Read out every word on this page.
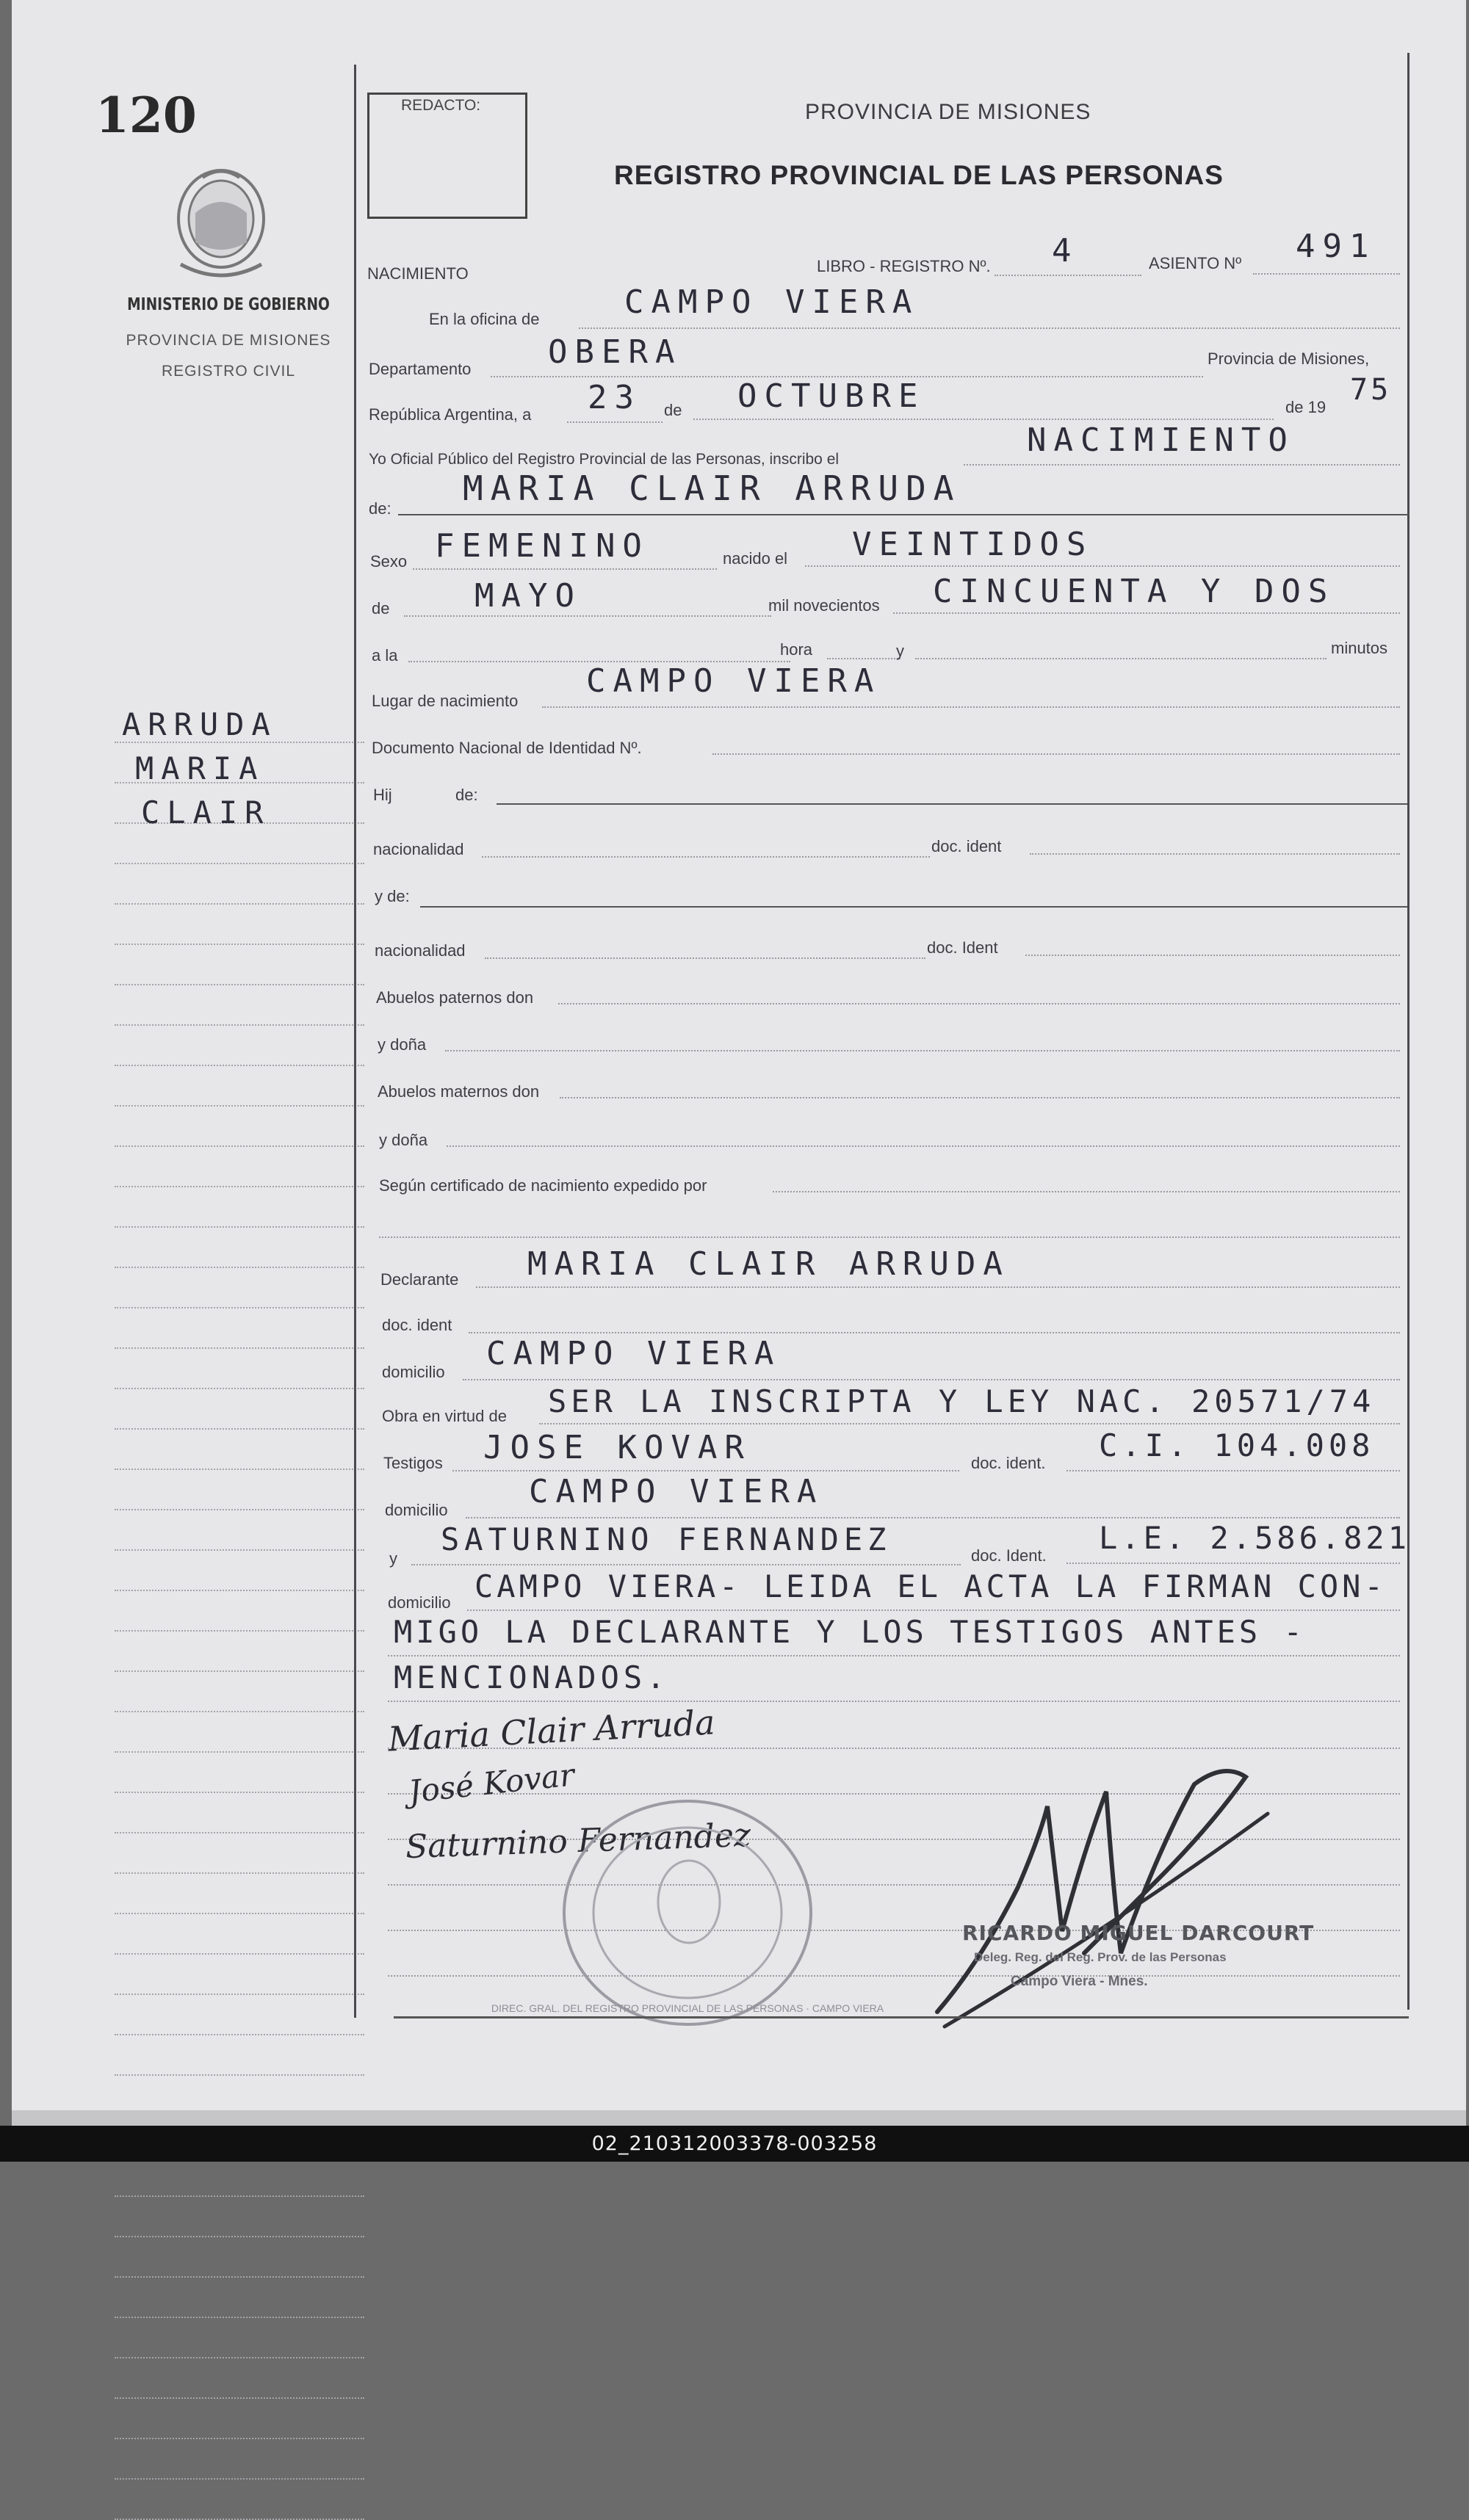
120
MINISTERIO DE GOBIERNO
PROVINCIA DE MISIONES
REGISTRO CIVIL
ARRUDA
MARIA
CLAIR
REDACTO:	PROVINCIA DE MISIONES
REGISTRO PROVINCIAL DE LAS PERSONAS
NACIMIENTO	LIBRO - REGISTRO Nº. 4	ASIENTO Nº 491
En la oficina de	CAMPO VIERA
Departamento OBERA	Provincia de Misiones,
República Argentina, a 23 de OCTUBRE	de 19
75
Yo Oficial Público del Registro Provincial de las Personas, inscribo el
NACIMIENTO
de:
MARIA CLAIR ARRUDA
Sexo FEMENINO	nacido el VEINTIDOS
de	MAYO	mil novecientos CINCUENTA Y DOS
a la	hora	y	minutos
Lugar de nacimiento
CAMPO VIERA
Documento Nacional de Identidad Nº.
Hij	de:
nacionalidad	doc. ident
y de:
nacionalidad	doc. Ident
Abuelos paternos don
y doña
Abuelos maternos don
y doña
Según certificado de nacimiento expedido por
Declarante MARIA CLAIR ARRUDA
doc. ident
domicilio CAMPO VIERA
Obra en virtud de SER LA INSCRIPTA Y LEY NAC. 20571/74
Testigos JOSE KOVAR	doc. ident. C.I. 104.008
domicilio	CAMPO VIERA
y
SATURNINO FERNANDEZ	doc. Ident. L.E. 2.586.821
domicilio CAMPO VIERA- LEIDA EL ACTA LA FIRMAN CON-
MIGO LA DECLARANTE Y LOS TESTIGOS ANTES -
MENCIONADOS.
Maria Clair Arruda
José Kovar
Saturnino Fernandez
DIREC. GRAL. DEL REGISTRO PROVINCIAL DE LAS PERSONAS · CAMPO VIERA
RICARDO MIGUEL DARCOURT
Deleg. Reg. del Reg. Prov. de las Personas
Campo Viera - Mnes.
02_210312003378-003258
